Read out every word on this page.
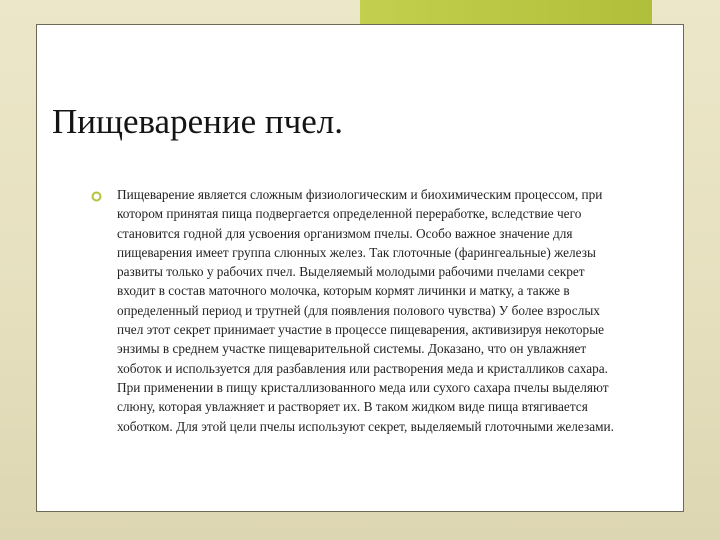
Пищеварение пчел.

Пищеварение является сложным физиологическим и биохимическим процессом, при котором принятая пища подвергается определенной переработке, вследствие чего становится годной для усвоения организмом пчелы. Особо важное значение для пищеварения имеет группа слюнных желез. Так глоточные (фарингеальные) железы развиты только у рабочих пчел. Выделяемый молодыми рабочими пчелами секрет входит в состав маточного молочка, которым кормят личинки и матку, а также в определенный период и трутней (для появления полового чувства) У более взрослых пчел этот секрет принимает участие в процессе пищеварения, активизируя некоторые энзимы в среднем участке пищеварительной системы. Доказано, что он увлажняет хоботок и используется для разбавления или растворения меда и кристалликов сахара. При применении в пищу кристаллизованного меда или сухого сахара пчелы выделяют слюну, которая увлажняет и растворяет их. В таком жидком виде пища втягивается хоботком. Для этой цели пчелы используют секрет, выделяемый глоточными железами.
